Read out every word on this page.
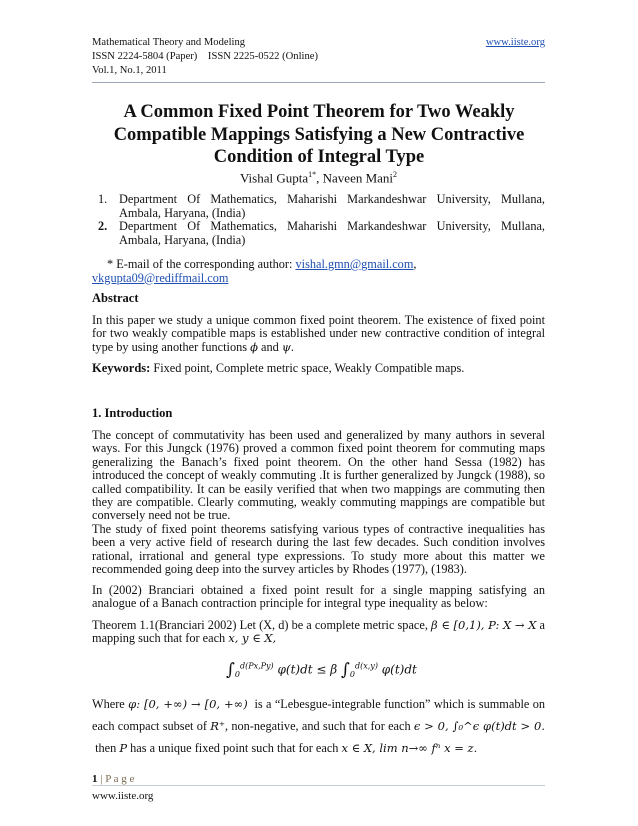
Mathematical Theory and Modeling	www.iiste.org
ISSN 2224-5804 (Paper)    ISSN 2225-0522 (Online)
Vol.1, No.1, 2011
A Common Fixed Point Theorem for Two Weakly Compatible Mappings Satisfying a New Contractive Condition of Integral Type
Vishal Gupta$^{1*}$, Naveen Mani$^2$
1. Department Of Mathematics, Maharishi Markandeshwar University, Mullana, Ambala, Haryana, (India)
2. Department Of Mathematics, Maharishi Markandeshwar University, Mullana, Ambala, Haryana, (India)
* E-mail of the corresponding author: vishal.gmn@gmail.com,
vkgupta09@rediffmail.com
Abstract
In this paper we study a unique common fixed point theorem. The existence of fixed point for two weakly compatible maps is established under new contractive condition of integral type by using another functions ϕ and ψ.
Keywords: Fixed point, Complete metric space, Weakly Compatible maps.
1. Introduction
The concept of commutativity has been used and generalized by many authors in several ways. For this Jungck (1976) proved a common fixed point theorem for commuting maps generalizing the Banach’s fixed point theorem. On the other hand Sessa (1982) has introduced the concept of weakly commuting .It is further generalized by Jungck (1988), so called compatibility. It can be easily verified that when two mappings are commuting then they are compatible. Clearly commuting, weakly commuting mappings are compatible but conversely need not be true.
The study of fixed point theorems satisfying various types of contractive inequalities has been a very active field of research during the last few decades. Such condition involves rational, irrational and general type expressions. To study more about this matter we recommended going deep into the survey articles by Rhodes (1977), (1983).
In (2002) Branciari obtained a fixed point result for a single mapping satisfying an analogue of a Banach contraction principle for integral type inequality as below:
Theorem 1.1(Branciari 2002) Let (X, d) be a complete metric space, β ∈ [0,1), P: X → X a mapping such that for each x, y ∈ X,
$\int_0^{d(Px,Py)}$ φ(t)dt ≤ β $\int_0^{d(x,y)}$ φ(t)dt
Where φ: [0, +∞) → [0, +∞)  is a “Lebesgue-integrable function” which is summable on each compact subset of R⁺, non-negative, and such that for each ϵ > 0, ∫₀^ϵ φ(t)dt > 0. then P has a unique fixed point such that for each x ∈ X, lim n→∞ fⁿ x = z.
1 | P a g e
www.iiste.org
